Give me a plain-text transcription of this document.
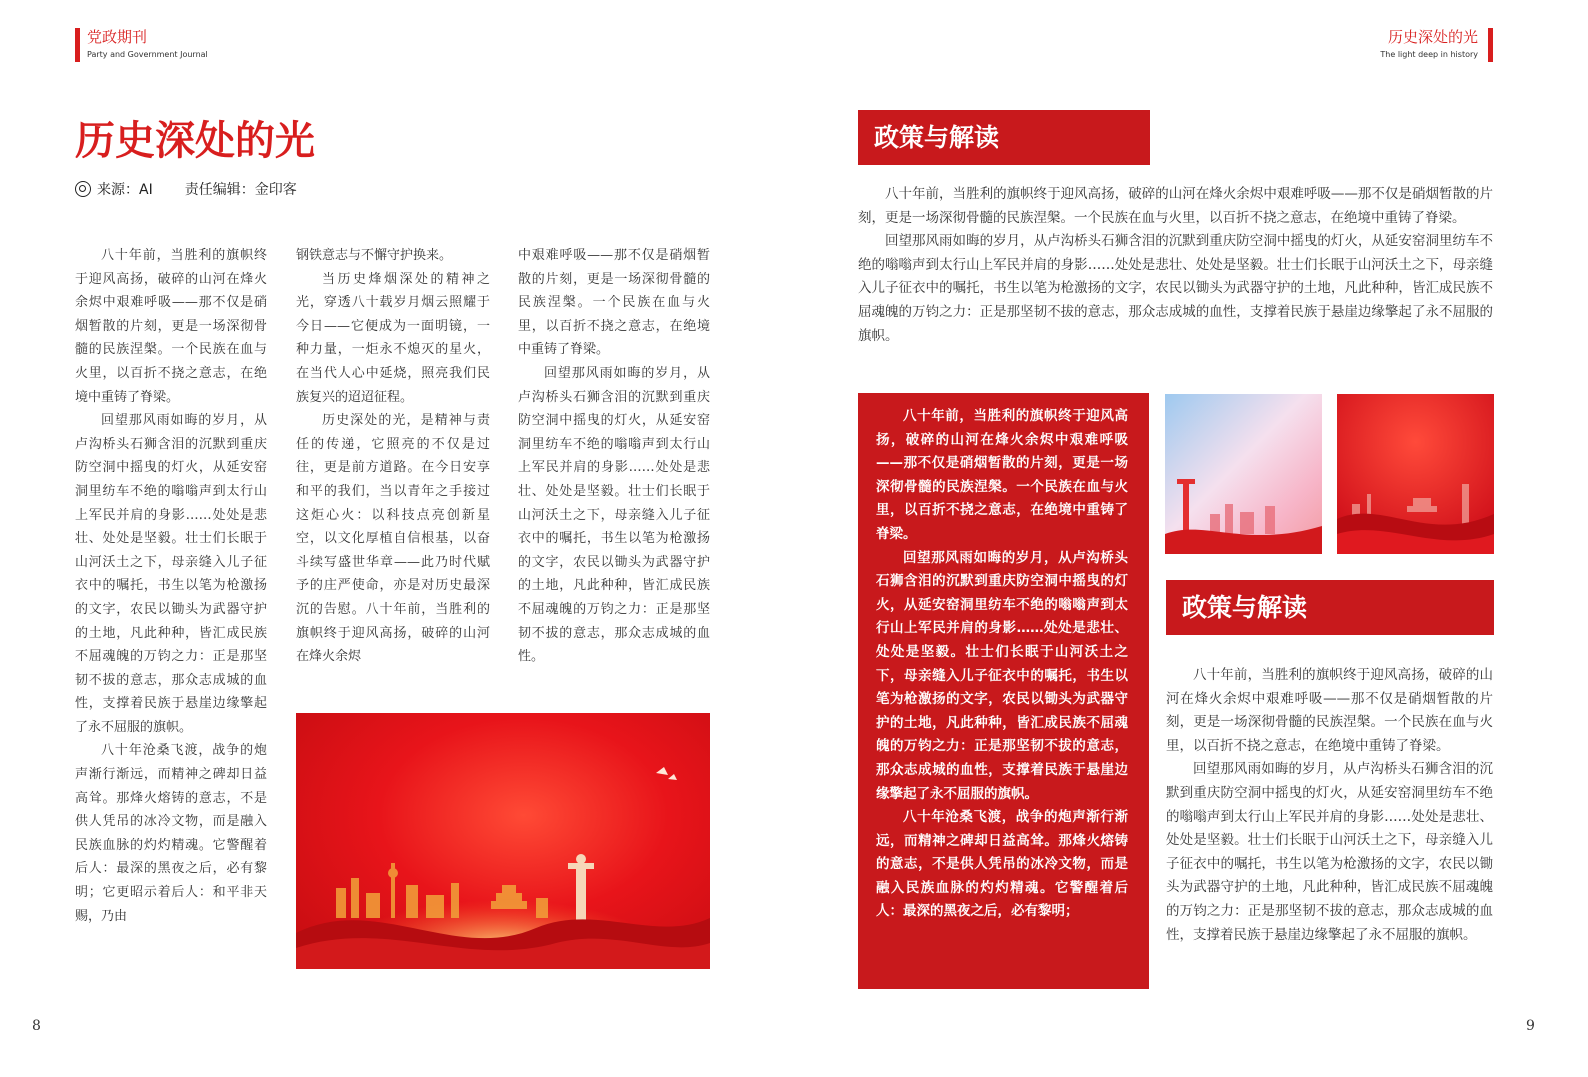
党政期刊
Party and Government Journal
历史深处的光
The light deep in history
历史深处的光
来源：AI 责任编辑：金印客

八十年前，当胜利的旗帜终于迎风高扬，破碎的山河在烽火余烬中艰难呼吸——那不仅是硝烟暂散的片刻，更是一场深彻骨髓的民族涅槃。一个民族在血与火里，以百折不挠之意志，在绝境中重铸了脊梁。

回望那风雨如晦的岁月，从卢沟桥头石狮含泪的沉默到重庆防空洞中摇曳的灯火，从延安窑洞里纺车不绝的嗡嗡声到太行山上军民并肩的身影……处处是悲壮、处处是坚毅。壮士们长眠于山河沃土之下，母亲缝入儿子征衣中的嘱托，书生以笔为枪激扬的文字，农民以锄头为武器守护的土地，凡此种种，皆汇成民族不屈魂魄的万钧之力：正是那坚韧不拔的意志，那众志成城的血性，支撑着民族于悬崖边缘擎起了永不屈服的旗帜。

八十年沧桑飞渡，战争的炮声渐行渐远，而精神之碑却日益高耸。那烽火熔铸的意志，不是供人凭吊的冰冷文物，而是融入民族血脉的灼灼精魂。它警醒着后人：最深的黑夜之后，必有黎明；它更昭示着后人：和平非天赐，乃由

钢铁意志与不懈守护换来。

当历史烽烟深处的精神之光，穿透八十载岁月烟云照耀于今日——它便成为一面明镜，一种力量，一炬永不熄灭的星火，在当代人心中延烧，照亮我们民族复兴的迢迢征程。

历史深处的光，是精神与责任的传递，它照亮的不仅是过往，更是前方道路。在今日安享和平的我们，当以青年之手接过这炬心火：以科技点亮创新星空，以文化厚植自信根基，以奋斗续写盛世华章——此乃时代赋予的庄严使命，亦是对历史最深沉的告慰。八十年前，当胜利的旗帜终于迎风高扬，破碎的山河在烽火余烬

中艰难呼吸——那不仅是硝烟暂散的片刻，更是一场深彻骨髓的民族涅槃。一个民族在血与火里，以百折不挠之意志，在绝境中重铸了脊梁。

回望那风雨如晦的岁月，从卢沟桥头石狮含泪的沉默到重庆防空洞中摇曳的灯火，从延安窑洞里纺车不绝的嗡嗡声到太行山上军民并肩的身影……处处是悲壮、处处是坚毅。壮士们长眠于山河沃土之下，母亲缝入儿子征衣中的嘱托，书生以笔为枪激扬的文字，农民以锄头为武器守护的土地，凡此种种，皆汇成民族不屈魂魄的万钧之力：正是那坚韧不拔的意志，那众志成城的血性。

8	9
政策与解读

八十年前，当胜利的旗帜终于迎风高扬，破碎的山河在烽火余烬中艰难呼吸——那不仅是硝烟暂散的片刻，更是一场深彻骨髓的民族涅槃。一个民族在血与火里，以百折不挠之意志，在绝境中重铸了脊梁。

回望那风雨如晦的岁月，从卢沟桥头石狮含泪的沉默到重庆防空洞中摇曳的灯火，从延安窑洞里纺车不绝的嗡嗡声到太行山上军民并肩的身影……处处是悲壮、处处是坚毅。壮士们长眠于山河沃土之下，母亲缝入儿子征衣中的嘱托，书生以笔为枪激扬的文字，农民以锄头为武器守护的土地，凡此种种，皆汇成民族不屈魂魄的万钧之力：正是那坚韧不拔的意志，那众志成城的血性，支撑着民族于悬崖边缘擎起了永不屈服的旗帜。

八十年前，当胜利的旗帜终于迎风高扬，破碎的山河在烽火余烬中艰难呼吸——那不仅是硝烟暂散的片刻，更是一场深彻骨髓的民族涅槃。一个民族在血与火里，以百折不挠之意志，在绝境中重铸了脊梁。

回望那风雨如晦的岁月，从卢沟桥头石狮含泪的沉默到重庆防空洞中摇曳的灯火，从延安窑洞里纺车不绝的嗡嗡声到太行山上军民并肩的身影……处处是悲壮、处处是坚毅。壮士们长眠于山河沃土之下，母亲缝入儿子征衣中的嘱托，书生以笔为枪激扬的文字，农民以锄头为武器守护的土地，凡此种种，皆汇成民族不屈魂魄的万钧之力：正是那坚韧不拔的意志，那众志成城的血性，支撑着民族于悬崖边缘擎起了永不屈服的旗帜。

八十年沧桑飞渡，战争的炮声渐行渐远，而精神之碑却日益高耸。那烽火熔铸的意志，不是供人凭吊的冰冷文物，而是融入民族血脉的灼灼精魂。它警醒着后人：最深的黑夜之后，必有黎明；

政策与解读

八十年前，当胜利的旗帜终于迎风高扬，破碎的山河在烽火余烬中艰难呼吸——那不仅是硝烟暂散的片刻，更是一场深彻骨髓的民族涅槃。一个民族在血与火里，以百折不挠之意志，在绝境中重铸了脊梁。

回望那风雨如晦的岁月，从卢沟桥头石狮含泪的沉默到重庆防空洞中摇曳的灯火，从延安窑洞里纺车不绝的嗡嗡声到太行山上军民并肩的身影……处处是悲壮、处处是坚毅。壮士们长眠于山河沃土之下，母亲缝入儿子征衣中的嘱托，书生以笔为枪激扬的文字，农民以锄头为武器守护的土地，凡此种种，皆汇成民族不屈魂魄的万钧之力：正是那坚韧不拔的意志，那众志成城的血性，支撑着民族于悬崖边缘擎起了永不屈服的旗帜。
